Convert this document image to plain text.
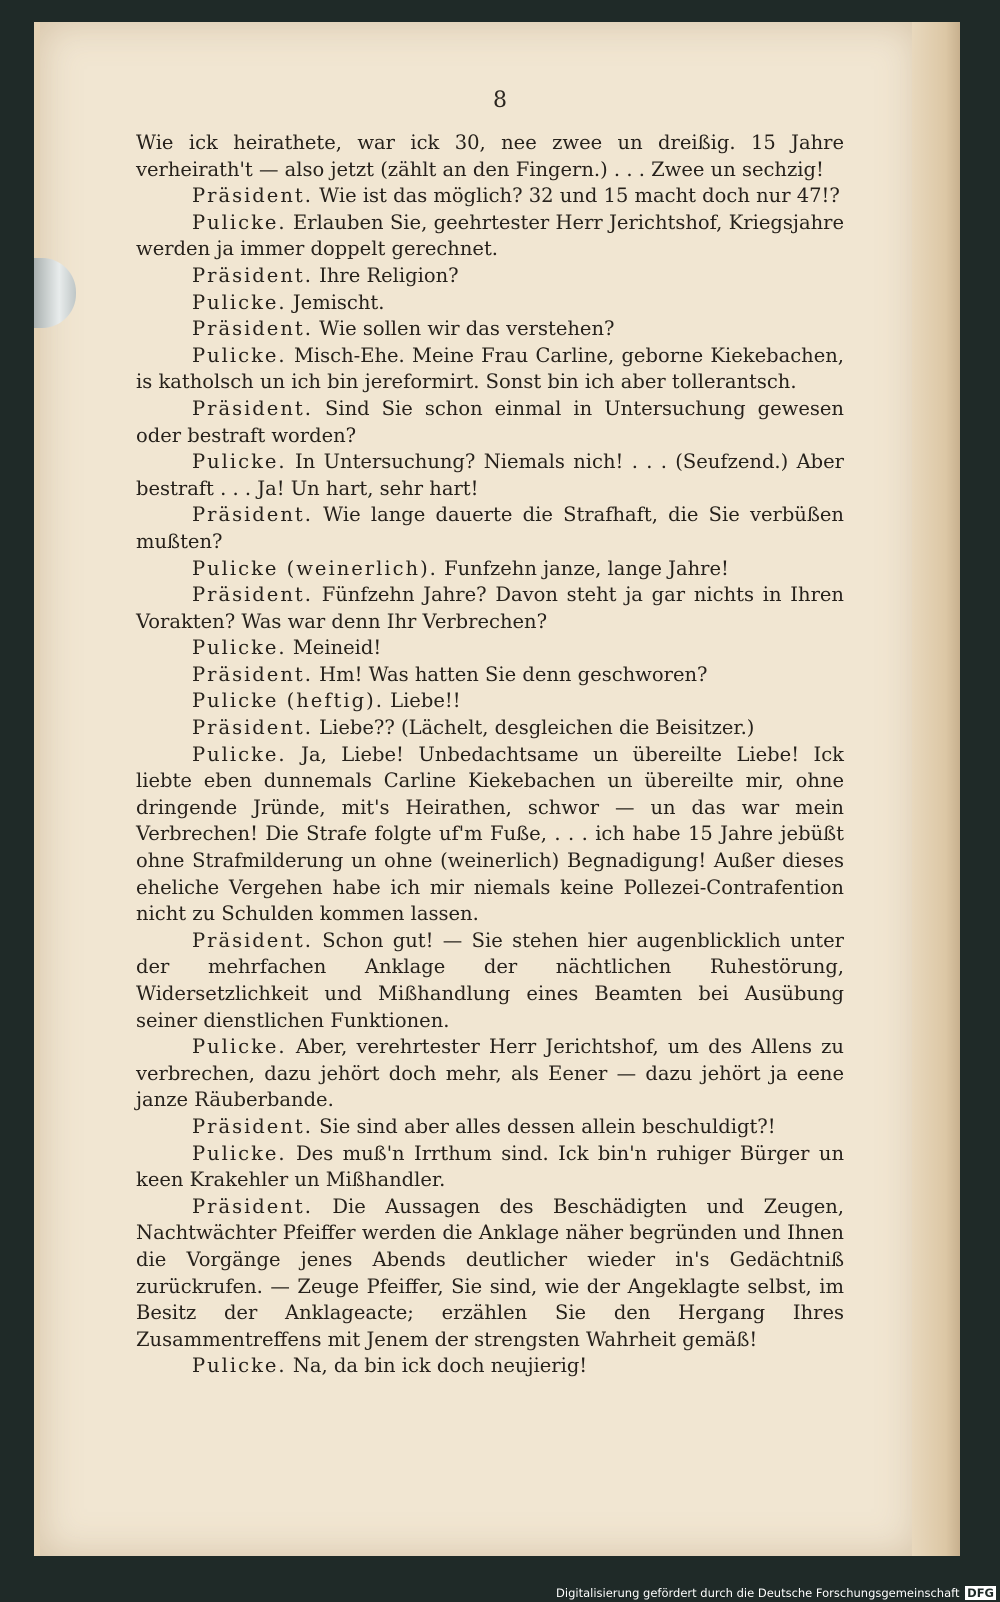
8

Wie ick heirathete, war ick 30, nee zwee un dreißig. 15 Jahre verheirath't — also jetzt (zählt an den Fingern.) . . . Zwee un sechzig!

Präsident. Wie ist das möglich? 32 und 15 macht doch nur 47!?

Pulicke. Erlauben Sie, geehrtester Herr Jerichtshof, Kriegsjahre werden ja immer doppelt gerechnet.

Präsident. Ihre Religion?

Pulicke. Jemischt.

Präsident. Wie sollen wir das verstehen?

Pulicke. Misch-Ehe. Meine Frau Carline, geborne Kiekebachen, is katholsch un ich bin jereformirt. Sonst bin ich aber tollerantsch.

Präsident. Sind Sie schon einmal in Untersuchung gewesen oder bestraft worden?

Pulicke. In Untersuchung? Niemals nich! . . . (Seufzend.) Aber bestraft . . . Ja! Un hart, sehr hart!

Präsident. Wie lange dauerte die Strafhaft, die Sie verbüßen mußten?

Pulicke (weinerlich). Funfzehn janze, lange Jahre!

Präsident. Fünfzehn Jahre? Davon steht ja gar nichts in Ihren Vorakten? Was war denn Ihr Verbrechen?

Pulicke. Meineid!

Präsident. Hm! Was hatten Sie denn geschworen?

Pulicke (heftig). Liebe!!

Präsident. Liebe?? (Lächelt, desgleichen die Beisitzer.)

Pulicke. Ja, Liebe! Unbedachtsame un übereilte Liebe! Ick liebte eben dunnemals Carline Kiekebachen un übereilte mir, ohne dringende Jründe, mit's Heirathen, schwor — un das war mein Verbrechen! Die Strafe folgte uf'm Fuße, . . . ich habe 15 Jahre jebüßt ohne Strafmilderung un ohne (weinerlich) Begnadigung! Außer dieses eheliche Vergehen habe ich mir niemals keine Pollezei-Contrafention nicht zu Schulden kommen lassen.

Präsident. Schon gut! — Sie stehen hier augenblicklich unter der mehrfachen Anklage der nächtlichen Ruhestörung, Widersetzlichkeit und Mißhandlung eines Beamten bei Ausübung seiner dienstlichen Funktionen.

Pulicke. Aber, verehrtester Herr Jerichtshof, um des Allens zu verbrechen, dazu jehört doch mehr, als Eener — dazu jehört ja eene janze Räuberbande.

Präsident. Sie sind aber alles dessen allein beschuldigt?!

Pulicke. Des muß'n Irrthum sind. Ick bin'n ruhiger Bürger un keen Krakehler un Mißhandler.

Präsident. Die Aussagen des Beschädigten und Zeugen, Nachtwächter Pfeiffer werden die Anklage näher begründen und Ihnen die Vorgänge jenes Abends deutlicher wieder in's Gedächtniß zurückrufen. — Zeuge Pfeiffer, Sie sind, wie der Angeklagte selbst, im Besitz der Anklageacte; erzählen Sie den Hergang Ihres Zusammentreffens mit Jenem der strengsten Wahrheit gemäß!

Pulicke. Na, da bin ick doch neujierig!

Digitalisierung gefördert durch die Deutsche Forschungsgemeinschaft DFG
